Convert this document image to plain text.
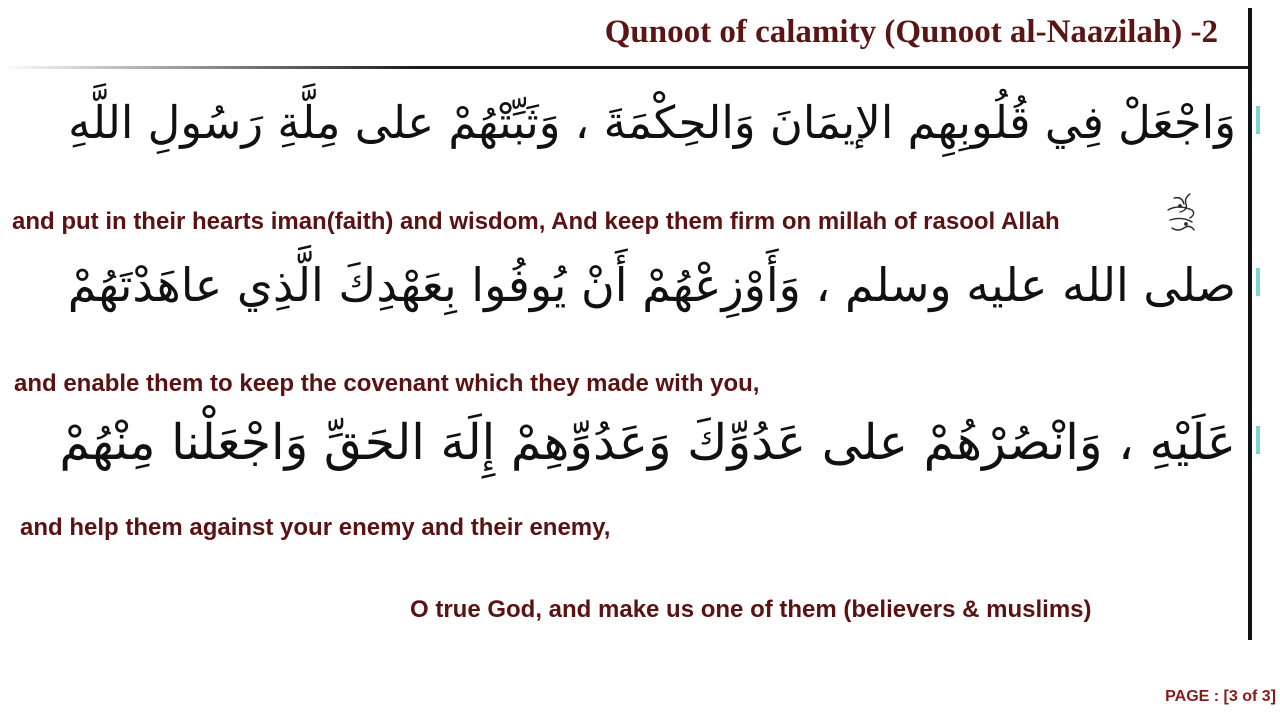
Qunoot of calamity (Qunoot al-Naazilah) -2
وَاجْعَلْ فِي قُلُوبِهِم الإيمَانَ وَالحِكْمَةَ ، وَثَبِّتْهُمْ على مِلَّةِ رَسُولِ اللَّهِ
and put in their hearts iman(faith) and wisdom, And keep them firm on millah of rasool Allah
صلى الله عليه وسلم ، وَأَوْزِعْهُمْ أَنْ يُوفُوا بِعَهْدِكَ الَّذِي عاهَدْتَهُمْ
and enable them to keep the covenant which they made with you,
عَلَيْهِ ، وَانْصُرْهُمْ على عَدُوِّكَ وَعَدُوِّهِمْ إِلَهَ الحَقِّ وَاجْعَلْنا مِنْهُمْ
and help them against your enemy and their enemy,
O true God, and make us one of them (believers & muslims)
PAGE : [3 of 3]
